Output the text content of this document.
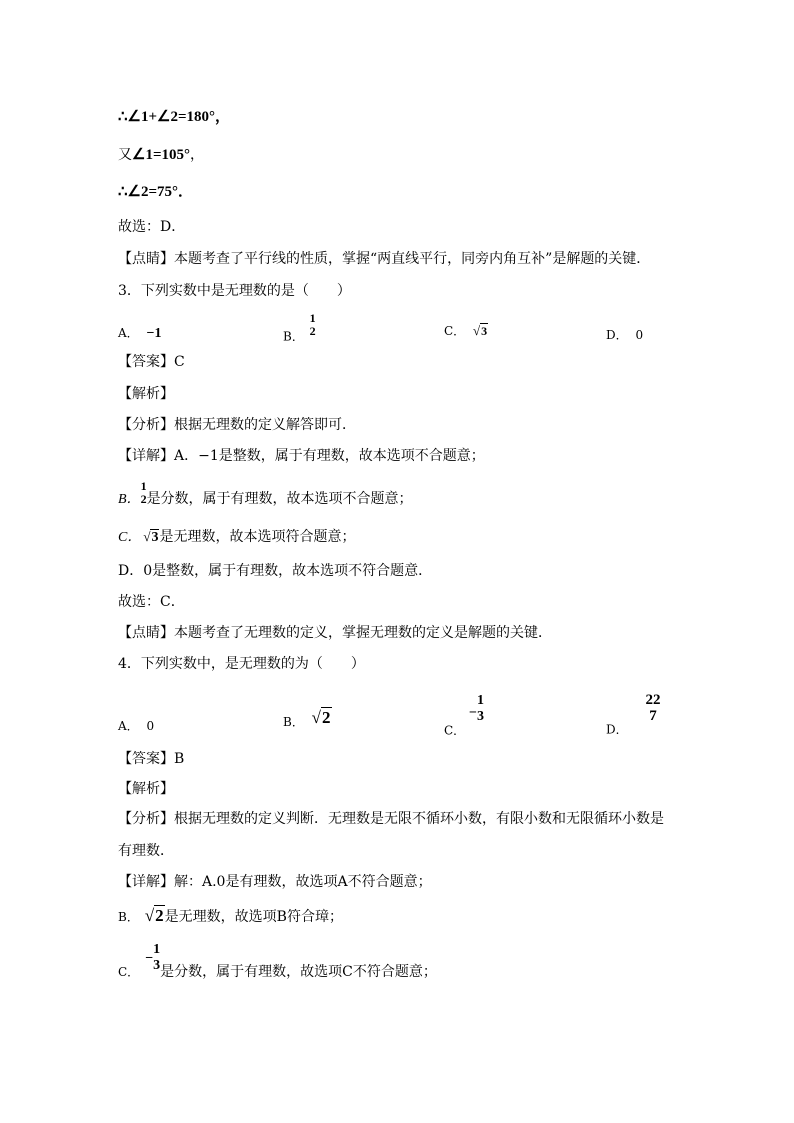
∴∠1+∠2=180°，
又∠1=105°，
∴∠2=75°．
故选：D．
【点睛】本题考查了平行线的性质，掌握“两直线平行，同旁内角互补”是解题的关键．
3．下列实数中是无理数的是（　　）
A． −1	B．
1
2	C． √3	D． 0
【答案】C
【解析】
【分析】根据无理数的定义解答即可．
【详解】A．−1是整数，属于有理数，故本选项不合题意；
B．
1
2 是分数，属于有理数，故本选项不合题意；
C． √3是无理数，故本选项符合题意；
D．0是整数，属于有理数，故本选项不符合题意．
故选：C．
【点睛】本题考查了无理数的定义，掌握无理数的定义是解题的关键．
4．下列实数中，是无理数的为（　　）
A． 0	B． √2
C． −
1
3
D．
22
7
【答案】B
【解析】
【分析】根据无理数的定义判断．无理数是无限不循环小数，有限小数和无限循环小数是
有理数．
【详解】解：A.0是有理数，故选项A不符合题意；
B． √2是无理数，故选项B符合璋；
C．−
1
3 是分数，属于有理数，故选项C不符合题意；
